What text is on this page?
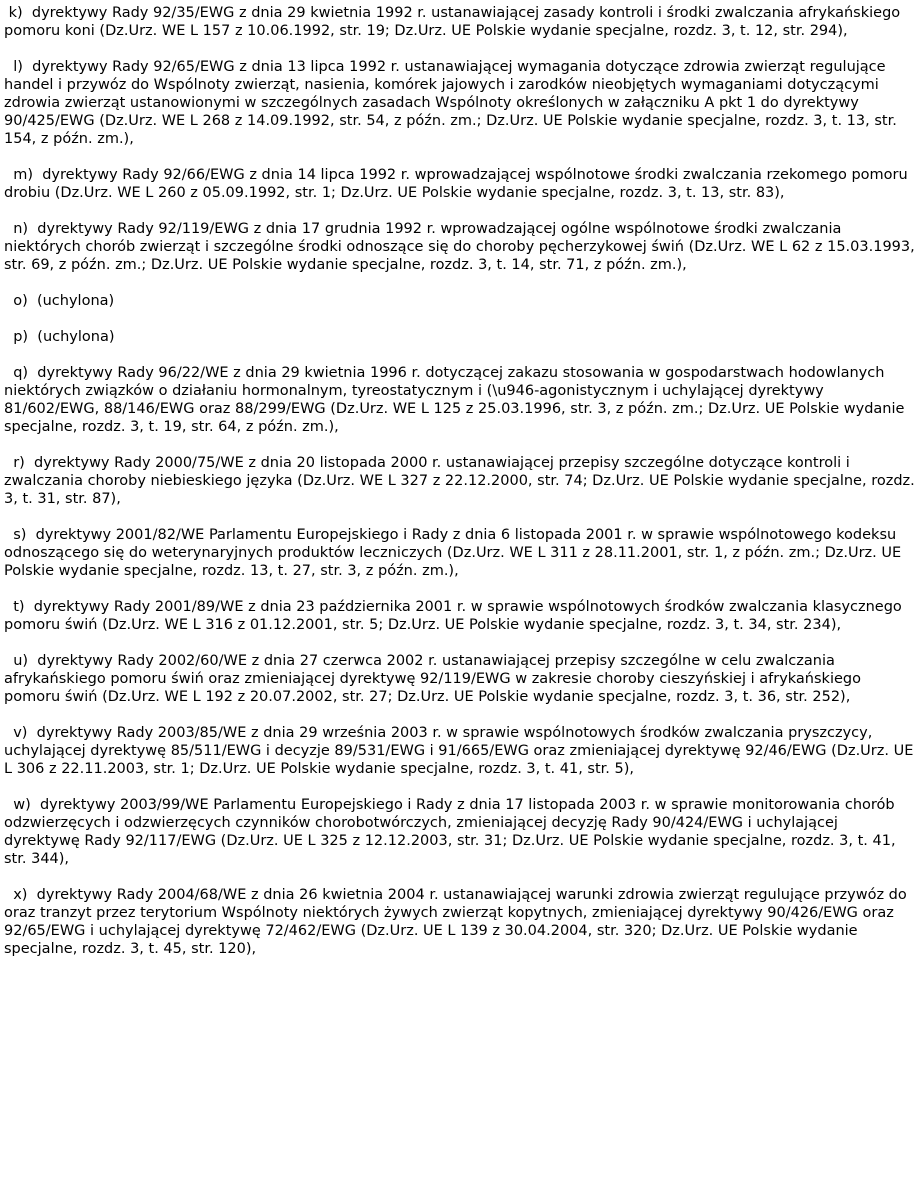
k)  dyrektywy Rady 92/35/EWG z dnia 29 kwietnia 1992 r. ustanawiającej zasady kontroli i środki zwalczania afrykańskiego pomoru koni (Dz.Urz. WE L 157 z 10.06.1992, str. 19; Dz.Urz. UE Polskie wydanie specjalne, rozdz. 3, t. 12, str. 294),

l)  dyrektywy Rady 92/65/EWG z dnia 13 lipca 1992 r. ustanawiającej wymagania dotyczące zdrowia zwierząt regulujące handel i przywóz do Wspólnoty zwierząt, nasienia, komórek jajowych i zarodków nieobjętych wymaganiami dotyczącymi zdrowia zwierząt ustanowionymi w szczególnych zasadach Wspólnoty określonych w załączniku A pkt 1 do dyrektywy 90/425/EWG (Dz.Urz. WE L 268 z 14.09.1992, str. 54, z późn. zm.; Dz.Urz. UE Polskie wydanie specjalne, rozdz. 3, t. 13, str. 154, z późn. zm.),

m)  dyrektywy Rady 92/66/EWG z dnia 14 lipca 1992 r. wprowadzającej wspólnotowe środki zwalczania rzekomego pomoru drobiu (Dz.Urz. WE L 260 z 05.09.1992, str. 1; Dz.Urz. UE Polskie wydanie specjalne, rozdz. 3, t. 13, str. 83),

n)  dyrektywy Rady 92/119/EWG z dnia 17 grudnia 1992 r. wprowadzającej ogólne wspólnotowe środki zwalczania niektórych chorób zwierząt i szczególne środki odnoszące się do choroby pęcherzykowej świń (Dz.Urz. WE L 62 z 15.03.1993, str. 69, z późn. zm.; Dz.Urz. UE Polskie wydanie specjalne, rozdz. 3, t. 14, str. 71, z późn. zm.),

o)  (uchylona)

p)  (uchylona)

q)  dyrektywy Rady 96/22/WE z dnia 29 kwietnia 1996 r. dotyczącej zakazu stosowania w gospodarstwach hodowlanych niektórych związków o działaniu hormonalnym, tyreostatycznym i (\u946-agonistycznym i uchylającej dyrektywy 81/602/EWG, 88/146/EWG oraz 88/299/EWG (Dz.Urz. WE L 125 z 25.03.1996, str. 3, z późn. zm.; Dz.Urz. UE Polskie wydanie specjalne, rozdz. 3, t. 19, str. 64, z późn. zm.),

r)  dyrektywy Rady 2000/75/WE z dnia 20 listopada 2000 r. ustanawiającej przepisy szczególne dotyczące kontroli i zwalczania choroby niebieskiego języka (Dz.Urz. WE L 327 z 22.12.2000, str. 74; Dz.Urz. UE Polskie wydanie specjalne, rozdz. 3, t. 31, str. 87),

s)  dyrektywy 2001/82/WE Parlamentu Europejskiego i Rady z dnia 6 listopada 2001 r. w sprawie wspólnotowego kodeksu odnoszącego się do weterynaryjnych produktów leczniczych (Dz.Urz. WE L 311 z 28.11.2001, str. 1, z późn. zm.; Dz.Urz. UE Polskie wydanie specjalne, rozdz. 13, t. 27, str. 3, z późn. zm.),

t)  dyrektywy Rady 2001/89/WE z dnia 23 października 2001 r. w sprawie wspólnotowych środków zwalczania klasycznego pomoru świń (Dz.Urz. WE L 316 z 01.12.2001, str. 5; Dz.Urz. UE Polskie wydanie specjalne, rozdz. 3, t. 34, str. 234),

u)  dyrektywy Rady 2002/60/WE z dnia 27 czerwca 2002 r. ustanawiającej przepisy szczególne w celu zwalczania afrykańskiego pomoru świń oraz zmieniającej dyrektywę 92/119/EWG w zakresie choroby cieszyńskiej i afrykańskiego pomoru świń (Dz.Urz. WE L 192 z 20.07.2002, str. 27; Dz.Urz. UE Polskie wydanie specjalne, rozdz. 3, t. 36, str. 252),

v)  dyrektywy Rady 2003/85/WE z dnia 29 września 2003 r. w sprawie wspólnotowych środków zwalczania pryszczycy, uchylającej dyrektywę 85/511/EWG i decyzje 89/531/EWG i 91/665/EWG oraz zmieniającej dyrektywę 92/46/EWG (Dz.Urz. UE L 306 z 22.11.2003, str. 1; Dz.Urz. UE Polskie wydanie specjalne, rozdz. 3, t. 41, str. 5),

w)  dyrektywy 2003/99/WE Parlamentu Europejskiego i Rady z dnia 17 listopada 2003 r. w sprawie monitorowania chorób odzwierzęcych i odzwierzęcych czynników chorobotwórczych, zmieniającej decyzję Rady 90/424/EWG i uchylającej dyrektywę Rady 92/117/EWG (Dz.Urz. UE L 325 z 12.12.2003, str. 31; Dz.Urz. UE Polskie wydanie specjalne, rozdz. 3, t. 41, str. 344),

x)  dyrektywy Rady 2004/68/WE z dnia 26 kwietnia 2004 r. ustanawiającej warunki zdrowia zwierząt regulujące przywóz do oraz tranzyt przez terytorium Wspólnoty niektórych żywych zwierząt kopytnych, zmieniającej dyrektywy 90/426/EWG oraz 92/65/EWG i uchylającej dyrektywę 72/462/EWG (Dz.Urz. UE L 139 z 30.04.2004, str. 320; Dz.Urz. UE Polskie wydanie specjalne, rozdz. 3, t. 45, str. 120),
